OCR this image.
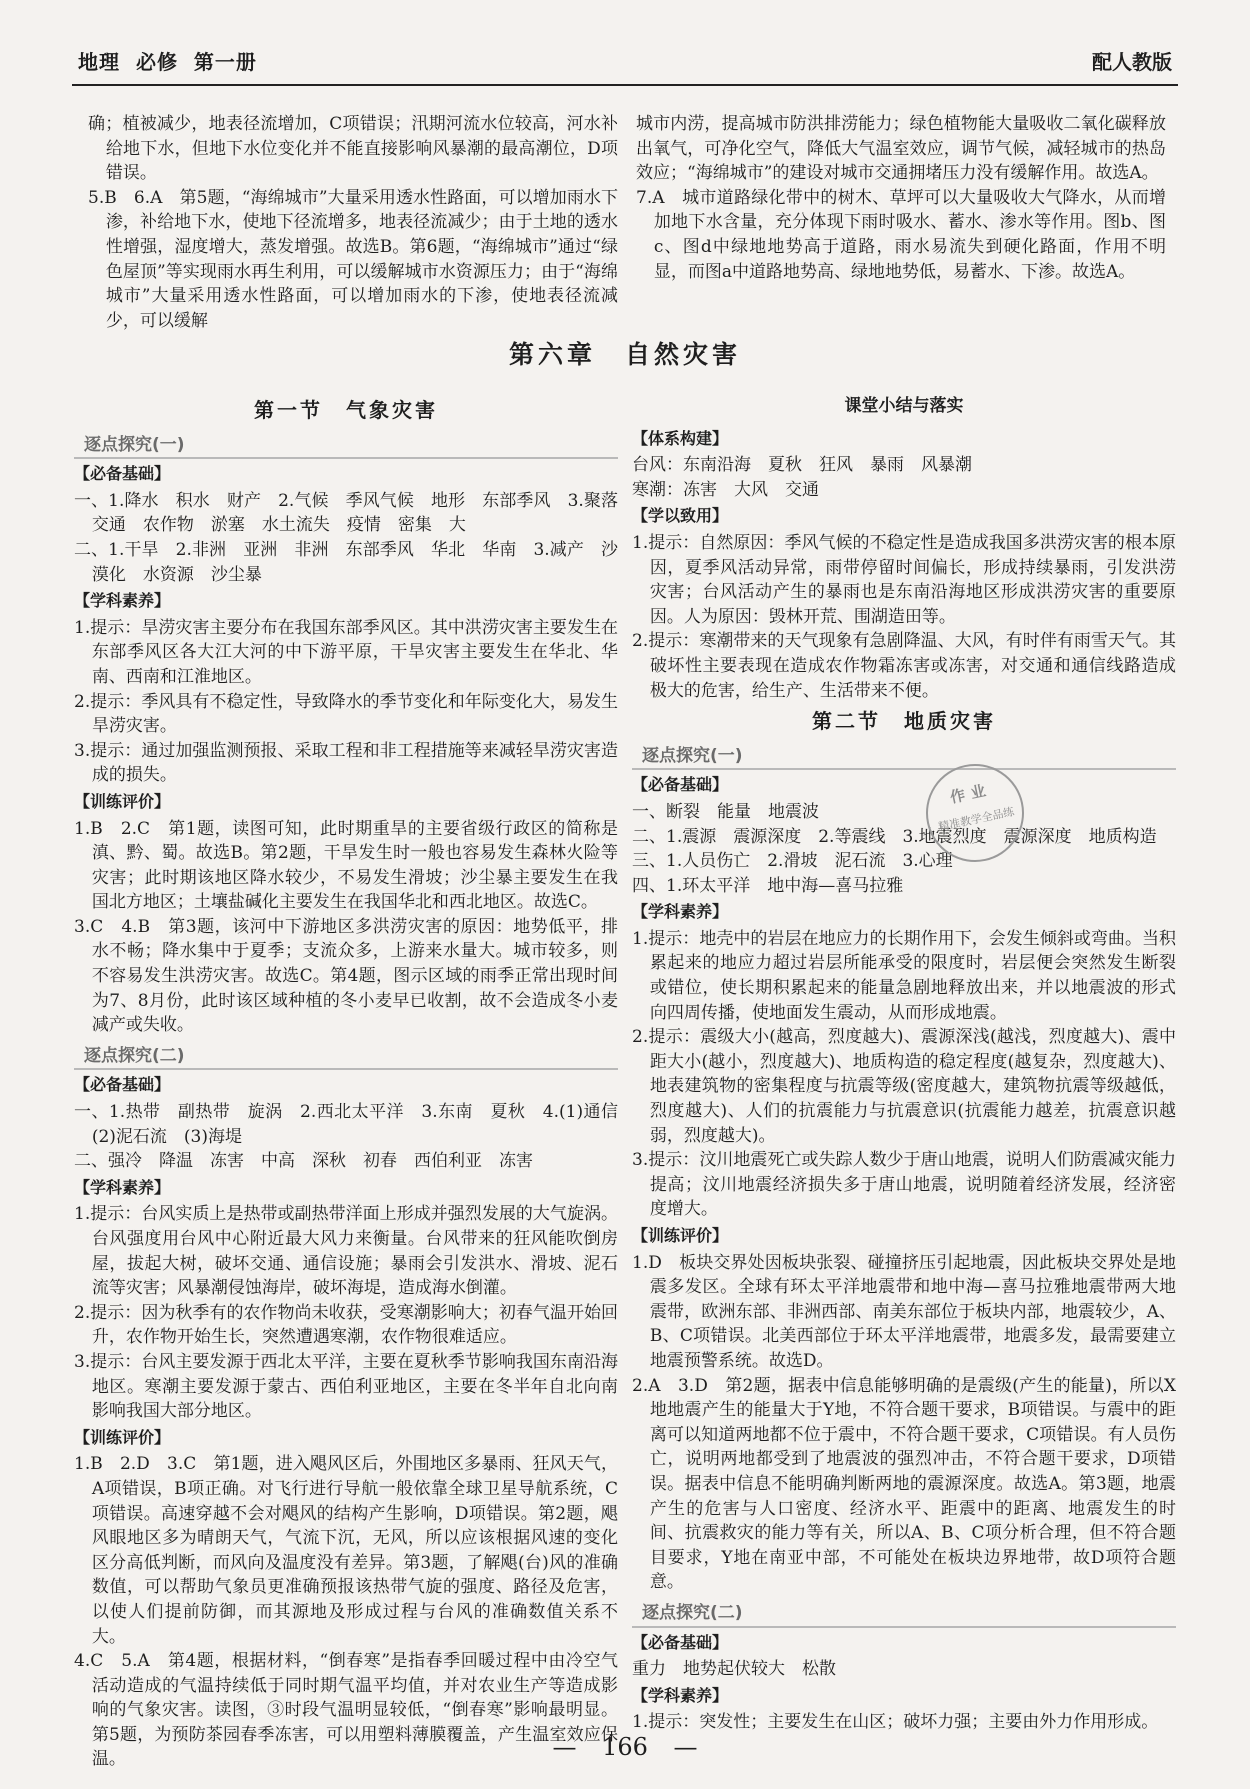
地理 必修 第一册	配人教版

确；植被减少，地表径流增加，C项错误；汛期河流水位较高，河水补给地下水，但地下水位变化并不能直接影响风暴潮的最高潮位，D项错误。

5.B　6.A　第5题，“海绵城市”大量采用透水性路面，可以增加雨水下渗，补给地下水，使地下径流增多，地表径流减少；由于土地的透水性增强，湿度增大，蒸发增强。故选B。第6题，“海绵城市”通过“绿色屋顶”等实现雨水再生利用，可以缓解城市水资源压力；由于“海绵城市”大量采用透水性路面，可以增加雨水的下渗，使地表径流减少，可以缓解

城市内涝，提高城市防洪排涝能力；绿色植物能大量吸收二氧化碳释放出氧气，可净化空气，降低大气温室效应，调节气候，减轻城市的热岛效应；“海绵城市”的建设对城市交通拥堵压力没有缓解作用。故选A。

7.A　城市道路绿化带中的树木、草坪可以大量吸收大气降水，从而增加地下水含量，充分体现下雨时吸水、蓄水、渗水等作用。图b、图c、图d中绿地地势高于道路，雨水易流失到硬化路面，作用不明显，而图a中道路地势高、绿地地势低，易蓄水、下渗。故选A。

第六章　自然灾害

第一节　气象灾害

逐点探究(一)

【必备基础】

一、1.降水　积水　财产　2.气候　季风气候　地形　东部季风　3.聚落　交通　农作物　淤塞　水土流失　疫情　密集　大

二、1.干旱　2.非洲　亚洲　非洲　东部季风　华北　华南　3.减产　沙漠化　水资源　沙尘暴

【学科素养】

1.提示：旱涝灾害主要分布在我国东部季风区。其中洪涝灾害主要发生在东部季风区各大江大河的中下游平原，干旱灾害主要发生在华北、华南、西南和江淮地区。

2.提示：季风具有不稳定性，导致降水的季节变化和年际变化大，易发生旱涝灾害。

3.提示：通过加强监测预报、采取工程和非工程措施等来减轻旱涝灾害造成的损失。

【训练评价】

1.B　2.C　第1题，读图可知，此时期重旱的主要省级行政区的简称是滇、黔、蜀。故选B。第2题，干旱发生时一般也容易发生森林火险等灾害；此时期该地区降水较少，不易发生滑坡；沙尘暴主要发生在我国北方地区；土壤盐碱化主要发生在我国华北和西北地区。故选C。

3.C　4.B　第3题，该河中下游地区多洪涝灾害的原因：地势低平，排水不畅；降水集中于夏季；支流众多，上游来水量大。城市较多，则不容易发生洪涝灾害。故选C。第4题，图示区域的雨季正常出现时间为7、8月份，此时该区域种植的冬小麦早已收割，故不会造成冬小麦减产或失收。

逐点探究(二)

【必备基础】

一、1.热带　副热带　旋涡　2.西北太平洋　3.东南　夏秋　4.(1)通信　(2)泥石流　(3)海堤

二、强冷　降温　冻害　中高　深秋　初春　西伯利亚　冻害

【学科素养】

1.提示：台风实质上是热带或副热带洋面上形成并强烈发展的大气旋涡。台风强度用台风中心附近最大风力来衡量。台风带来的狂风能吹倒房屋，拔起大树，破坏交通、通信设施；暴雨会引发洪水、滑坡、泥石流等灾害；风暴潮侵蚀海岸，破坏海堤，造成海水倒灌。

2.提示：因为秋季有的农作物尚未收获，受寒潮影响大；初春气温开始回升，农作物开始生长，突然遭遇寒潮，农作物很难适应。

3.提示：台风主要发源于西北太平洋，主要在夏秋季节影响我国东南沿海地区。寒潮主要发源于蒙古、西伯利亚地区，主要在冬半年自北向南影响我国大部分地区。

【训练评价】

1.B　2.D　3.C　第1题，进入飓风区后，外围地区多暴雨、狂风天气，A项错误，B项正确。对飞行进行导航一般依靠全球卫星导航系统，C项错误。高速穿越不会对飓风的结构产生影响，D项错误。第2题，飓风眼地区多为晴朗天气，气流下沉，无风，所以应该根据风速的变化区分高低判断，而风向及温度没有差异。第3题，了解飓(台)风的准确数值，可以帮助气象员更准确预报该热带气旋的强度、路径及危害，以使人们提前防御，而其源地及形成过程与台风的准确数值关系不大。

4.C　5.A　第4题，根据材料，“倒春寒”是指春季回暖过程中由冷空气活动造成的气温持续低于同时期气温平均值，并对农业生产等造成影响的气象灾害。读图，③时段气温明显较低，“倒春寒”影响最明显。第5题，为预防茶园春季冻害，可以用塑料薄膜覆盖，产生温室效应保温。

课堂小结与落实

【体系构建】

台风：东南沿海　夏秋　狂风　暴雨　风暴潮

寒潮：冻害　大风　交通

【学以致用】

1.提示：自然原因：季风气候的不稳定性是造成我国多洪涝灾害的根本原因，夏季风活动异常，雨带停留时间偏长，形成持续暴雨，引发洪涝灾害；台风活动产生的暴雨也是东南沿海地区形成洪涝灾害的重要原因。人为原因：毁林开荒、围湖造田等。

2.提示：寒潮带来的天气现象有急剧降温、大风，有时伴有雨雪天气。其破坏性主要表现在造成农作物霜冻害或冻害，对交通和通信线路造成极大的危害，给生产、生活带来不便。

第二节　地质灾害

逐点探究(一)

【必备基础】

一、断裂　能量　地震波

二、1.震源　震源深度　2.等震线　3.地震烈度　震源深度　地质构造

三、1.人员伤亡　2.滑坡　泥石流　3.心理

四、1.环太平洋　地中海—喜马拉雅

【学科素养】

1.提示：地壳中的岩层在地应力的长期作用下，会发生倾斜或弯曲。当积累起来的地应力超过岩层所能承受的限度时，岩层便会突然发生断裂或错位，使长期积累起来的能量急剧地释放出来，并以地震波的形式向四周传播，使地面发生震动，从而形成地震。

2.提示：震级大小(越高，烈度越大)、震源深浅(越浅，烈度越大)、震中距大小(越小，烈度越大)、地质构造的稳定程度(越复杂，烈度越大)、地表建筑物的密集程度与抗震等级(密度越大，建筑物抗震等级越低，烈度越大)、人们的抗震能力与抗震意识(抗震能力越差，抗震意识越弱，烈度越大)。

3.提示：汶川地震死亡或失踪人数少于唐山地震，说明人们防震减灾能力提高；汶川地震经济损失多于唐山地震，说明随着经济发展，经济密度增大。

【训练评价】

1.D　板块交界处因板块张裂、碰撞挤压引起地震，因此板块交界处是地震多发区。全球有环太平洋地震带和地中海—喜马拉雅地震带两大地震带，欧洲东部、非洲西部、南美东部位于板块内部，地震较少，A、B、C项错误。北美西部位于环太平洋地震带，地震多发，最需要建立地震预警系统。故选D。

2.A　3.D　第2题，据表中信息能够明确的是震级(产生的能量)，所以X地地震产生的能量大于Y地，不符合题干要求，B项错误。与震中的距离可以知道两地都不位于震中，不符合题干要求，C项错误。有人员伤亡，说明两地都受到了地震波的强烈冲击，不符合题干要求，D项错误。据表中信息不能明确判断两地的震源深度。故选A。第3题，地震产生的危害与人口密度、经济水平、距震中的距离、地震发生的时间、抗震救灾的能力等有关，所以A、B、C项分析合理，但不符合题目要求，Y地在南亚中部，不可能处在板块边界地带，故D项符合题意。

逐点探究(二)

【必备基础】

重力　地势起伏较大　松散

【学科素养】

1.提示：突发性；主要发生在山区；破坏力强；主要由外力作用形成。

作业
精准教学全品练
— 166 —
